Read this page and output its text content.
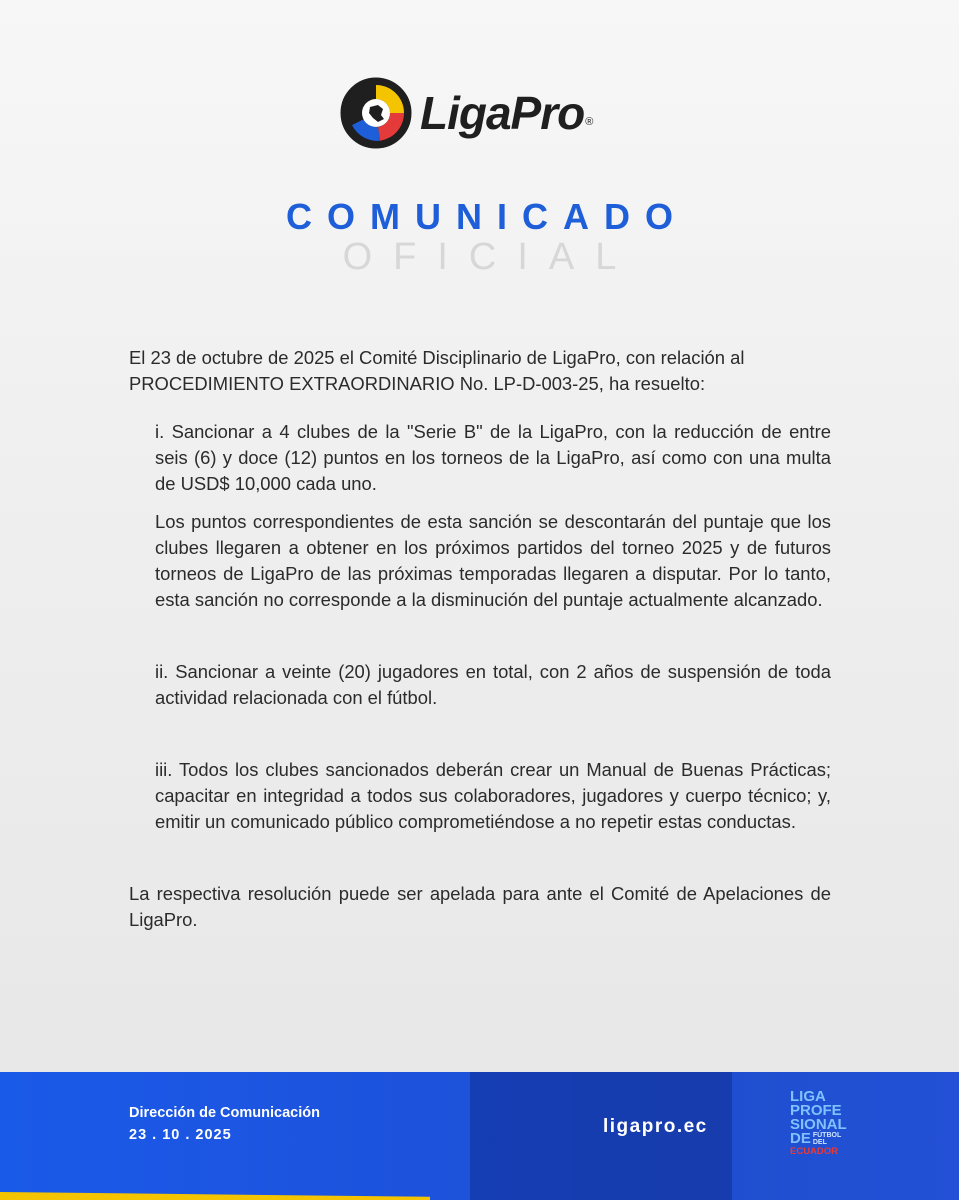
LigaPro ®
COMUNICADO
OFICIAL

El 23 de octubre de 2025 el Comité Disciplinario de LigaPro, con relación al PROCEDIMIENTO EXTRAORDINARIO No. LP-D-003-25, ha resuelto:

i. Sancionar a 4 clubes de la "Serie B" de la LigaPro, con la reducción de entre seis (6) y doce (12) puntos en los torneos de la LigaPro, así como con una multa de USD$ 10,000 cada uno.

Los puntos correspondientes de esta sanción se descontarán del puntaje que los clubes llegaren a obtener en los próximos partidos del torneo 2025 y de futuros torneos de LigaPro de las próximas temporadas llegaren a disputar. Por lo tanto, esta sanción no corresponde a la disminución del puntaje actualmente alcanzado.

ii. Sancionar a veinte (20) jugadores en total, con 2 años de suspensión de toda actividad relacionada con el fútbol.

iii. Todos los clubes sancionados deberán crear un Manual de Buenas Prácticas; capacitar en integridad a todos sus colaboradores, jugadores y cuerpo técnico; y, emitir un comunicado público comprometiéndose a no repetir estas conductas.

La respectiva resolución puede ser apelada para ante el Comité de Apelaciones de LigaPro.

Dirección de Comunicación
23 . 10 . 2025	ligapro.ec
LIGA
PROFE
SIONAL
DE FÚTBOL
DEL
ECUADOR
